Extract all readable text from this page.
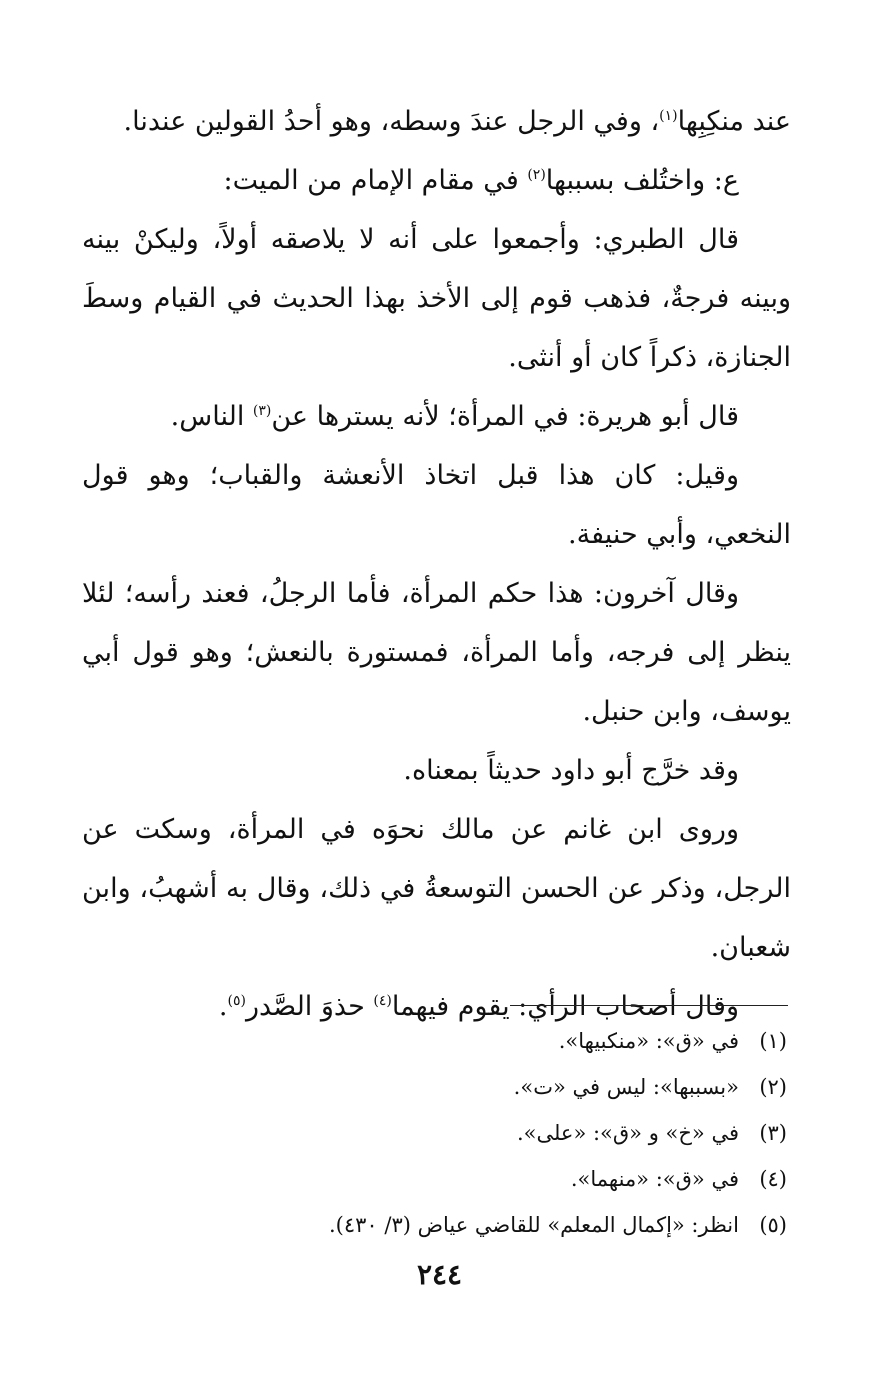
عند منكِبِها$^{(١)}$، وفي الرجل عندَ وسطه، وهو أحدُ القولين عندنا.

ع: واختُلف بسببها$^{(٢)}$ في مقام الإمام من الميت:

قال الطبري: وأجمعوا على أنه لا يلاصقه أولاً، وليكنْ بينه وبينه فرجةٌ، فذهب قوم إلى الأخذ بهذا الحديث في القيام وسطَ الجنازة، ذكراً كان أو أنثى.

قال أبو هريرة: في المرأة؛ لأنه يسترها عن$^{(٣)}$ الناس.

وقيل: كان هذا قبل اتخاذ الأنعشة والقباب؛ وهو قول النخعي، وأبي حنيفة.

وقال آخرون: هذا حكم المرأة، فأما الرجلُ، فعند رأسه؛ لئلا ينظر إلى فرجه، وأما المرأة، فمستورة بالنعش؛ وهو قول أبي يوسف، وابن حنبل.

وقد خرَّج أبو داود حديثاً بمعناه.

وروى ابن غانم عن مالك نحوَه في المرأة، وسكت عن الرجل، وذكر عن الحسن التوسعةُ في ذلك، وقال به أشهبُ، وابن شعبان.

وقال أصحاب الرأي: يقوم فيهما$^{(٤)}$ حذوَ الصَّدر$^{(٥)}$.

(١)في «ق»: «منكبيها».

(٢)«بسببها»: ليس في «ت».

(٣)في «خ» و «ق»: «على».

(٤)في «ق»: «منهما».

(٥)انظر: «إكمال المعلم» للقاضي عياض (٣/ ٤٣٠).

٢٤٤
